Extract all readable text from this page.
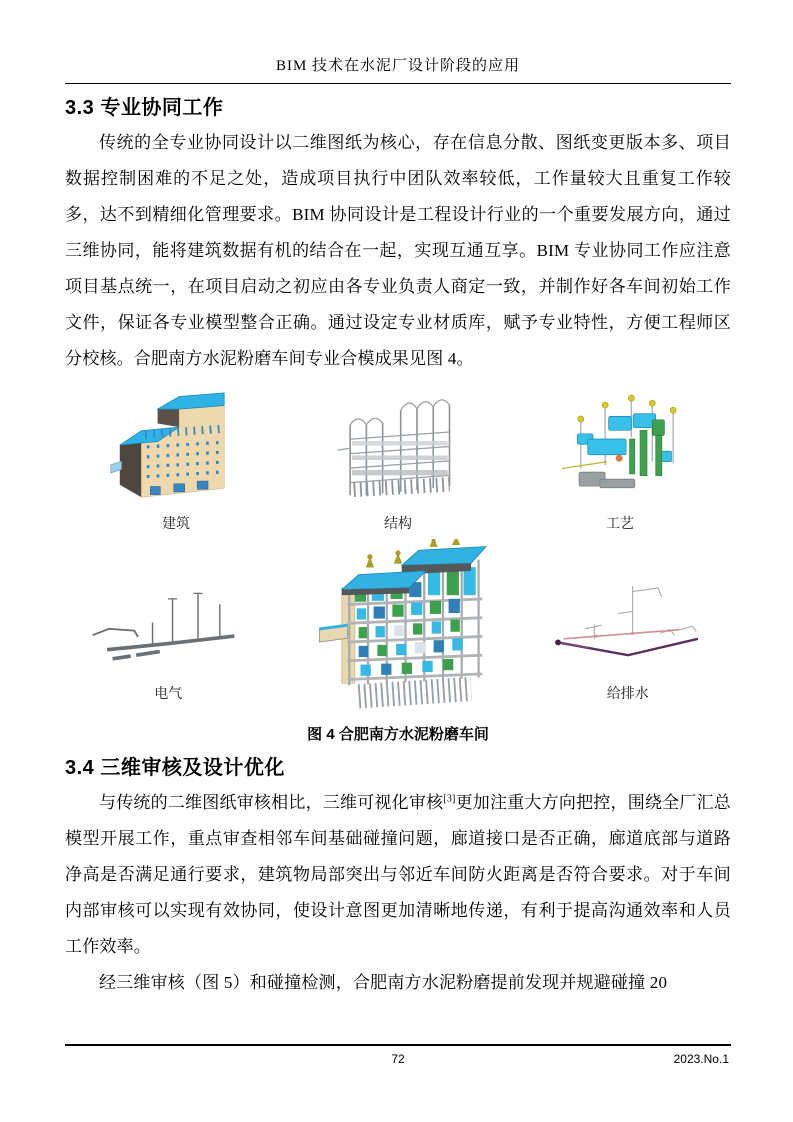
BIM 技术在水泥厂设计阶段的应用
3.3 专业协同工作

传统的全专业协同设计以二维图纸为核心，存在信息分散、图纸变更版本多、项目数据控制困难的不足之处，造成项目执行中团队效率较低，工作量较大且重复工作较多，达不到精细化管理要求。BIM 协同设计是工程设计行业的一个重要发展方向，通过三维协同，能将建筑数据有机的结合在一起，实现互通互享。BIM 专业协同工作应注意项目基点统一，在项目启动之初应由各专业负责人商定一致，并制作好各车间初始工作文件，保证各专业模型整合正确。通过设定专业材质库，赋予专业特性，方便工程师区分校核。合肥南方水泥粉磨车间专业合模成果见图 4。

建筑	结构	工艺
电气	给排水
图 4 合肥南方水泥粉磨车间
3.4 三维审核及设计优化

与传统的二维图纸审核相比，三维可视化审核[3]更加注重大方向把控，围绕全厂汇总模型开展工作，重点审查相邻车间基础碰撞问题，廊道接口是否正确，廊道底部与道路净高是否满足通行要求，建筑物局部突出与邻近车间防火距离是否符合要求。对于车间内部审核可以实现有效协同，使设计意图更加清晰地传递，有利于提高沟通效率和人员工作效率。

经三维审核（图 5）和碰撞检测，合肥南方水泥粉磨提前发现并规避碰撞 20

72	2023.No.1
